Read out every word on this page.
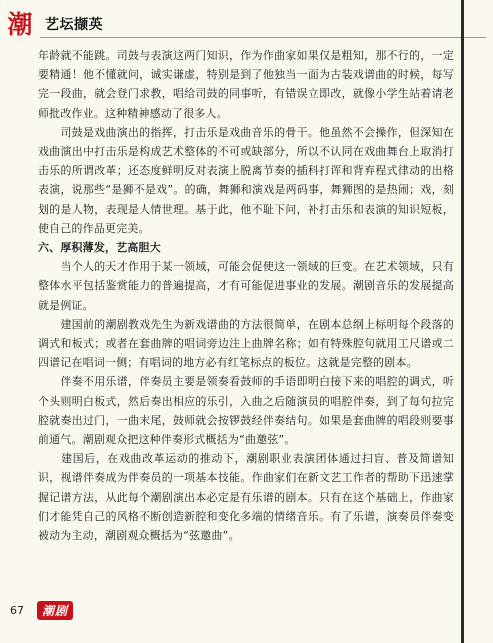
潮 艺坛撷英
年龄就不能跳。司鼓与表演这两门知识，作为作曲家如果仅是粗知，那不行的，一定要精通！他不懂就问，诚实谦虚，特别是到了他独当一面为古装戏谱曲的时候，每写完一段曲，就会登门求教，唱给司鼓的同事听，有错误立即改，就像小学生站着请老师批改作业。这种精神感动了很多人。
　　司鼓是戏曲演出的指挥，打击乐是戏曲音乐的骨干。他虽然不会操作，但深知在戏曲演出中打击乐是构成艺术整体的不可或缺部分，所以不认同在戏曲舞台上取消打击乐的所谓改革；还态度鲜明反对表演上脱离节奏的插科打诨和背弃程式律动的出格表演，说那些“是狮不是戏”。的确，舞狮和演戏是两码事，舞狮图的是热闹；戏，刻划的是人物，表现是人情世理。基于此，他不耻下问，补打击乐和表演的知识短板，使自己的作品更完美。
六、厚积薄发，艺高胆大
　　当个人的天才作用于某一领域，可能会促使这一领域的巨变。在艺术领域，只有整体水平包括鉴赏能力的普遍提高，才有可能促进事业的发展。潮剧音乐的发展提高就是例证。
　　建国前的潮剧教戏先生为新戏谱曲的方法很简单，在剧本总纲上标明每个段落的调式和板式；或者在套曲牌的唱词旁边注上曲牌名称；如有特殊腔句就用工尺谱或二四谱记在唱词一侧；有唱词的地方必有红笔标点的板位。这就是完整的剧本。
　　伴奏不用乐谱，伴奏员主要是领奏看鼓师的手语即明白接下来的唱腔的调式，听个头则明白板式，然后奏出相应的乐引，入曲之后随演员的唱腔伴奏，到了每句拉完腔就奏出过门，一曲末尾，鼓师就会按锣鼓经伴奏结句。如果是套曲牌的唱段则要事前通气。潮剧观众把这种伴奏形式概括为“曲邀弦”。
　　建国后，在戏曲改革运动的推动下，潮剧职业表演团体通过扫盲、普及简谱知识，视谱伴奏成为伴奏员的一项基本技能。作曲家们在新文艺工作者的帮助下迅速掌握记谱方法，从此每个潮剧演出本必定是有乐谱的剧本。只有在这个基础上，作曲家们才能凭自己的风格不断创造新腔和变化多端的情绪音乐。有了乐谱，演奏员伴奏变被动为主动，潮剧观众概括为“弦邀曲”。
67 潮剧
